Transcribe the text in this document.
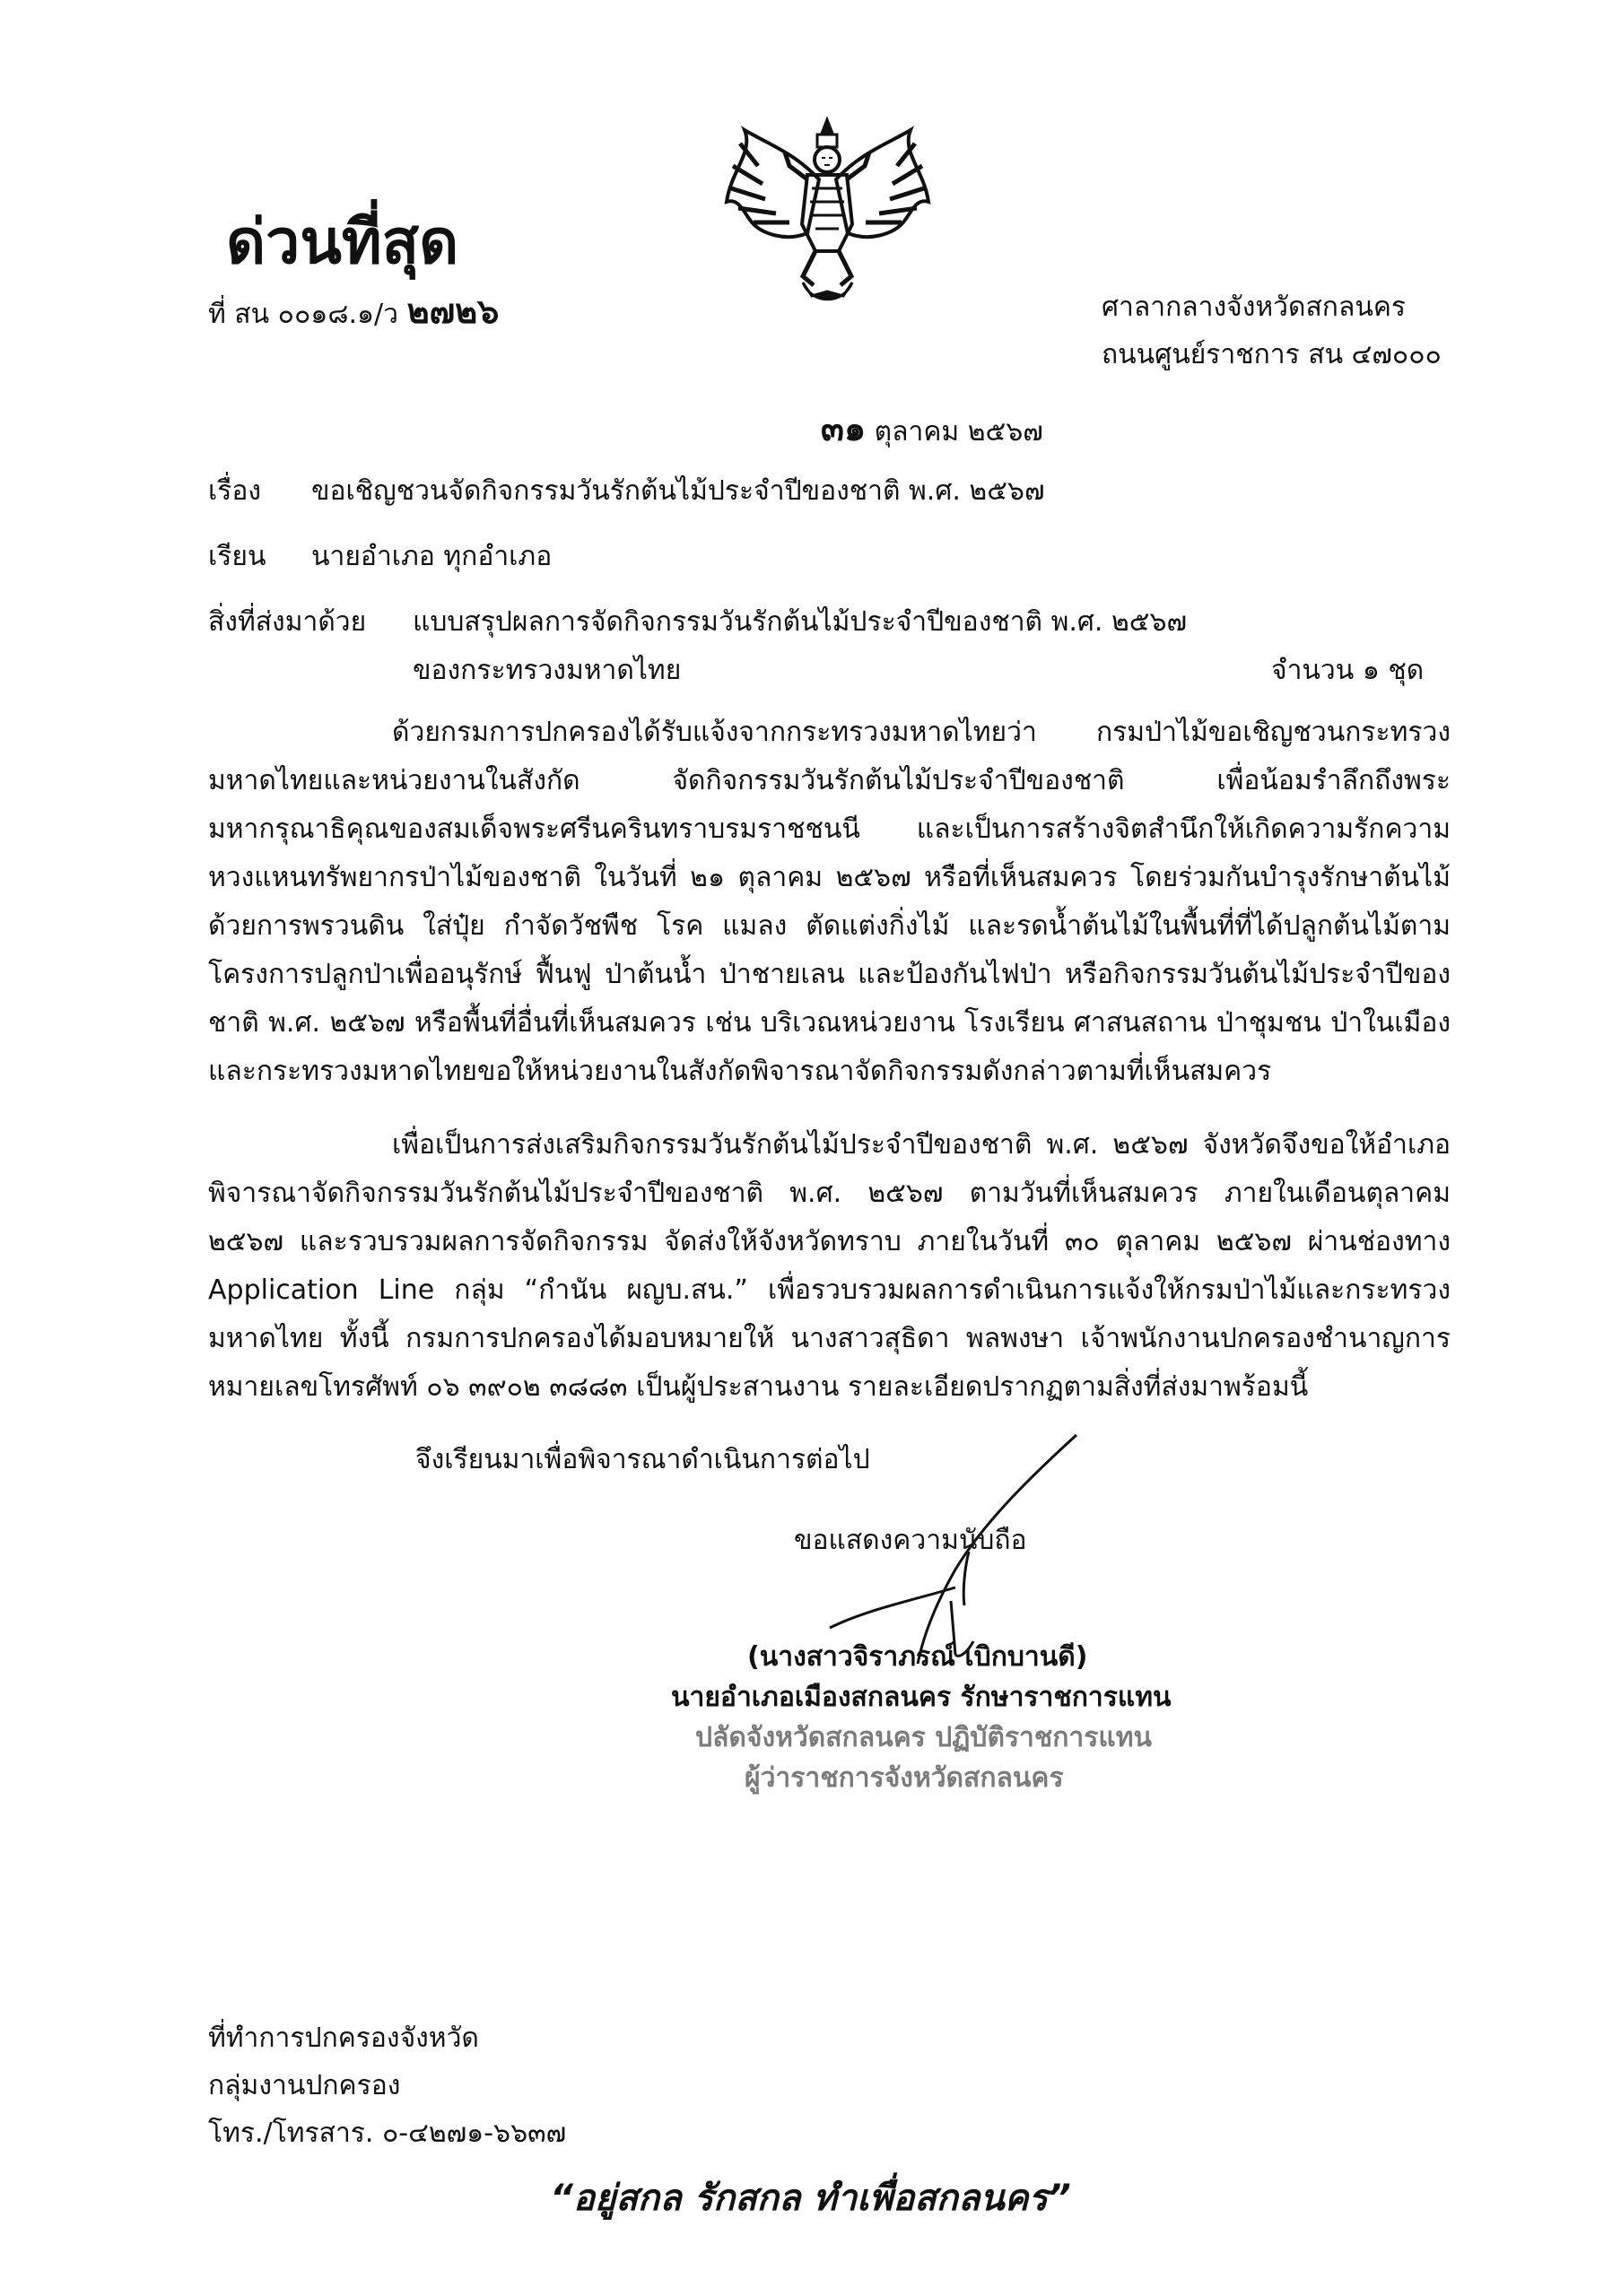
ด่วนที่สุด
ที่ สน ๐๐๑๘.๑/ว ๒๗๒๖	ศาลากลางจังหวัดสกลนคร
ถนนศูนย์ราชการ สน ๔๗๐๐๐
๓๑ ตุลาคม ๒๕๖๗
เรื่อง ขอเชิญชวนจัดกิจกรรมวันรักต้นไม้ประจำปีของชาติ พ.ศ. ๒๕๖๗
เรียน นายอำเภอ ทุกอำเภอ
สิ่งที่ส่งมาด้วย แบบสรุปผลการจัดกิจกรรมวันรักต้นไม้ประจำปีของชาติ พ.ศ. ๒๕๖๗
ของกระทรวงมหาดไทย	จำนวน ๑ ชุด
ด้วยกรมการปกครองได้รับแจ้งจากกระทรวงมหาดไทยว่า กรมป่าไม้ขอเชิญชวนกระทรวงมหาดไทยและหน่วยงานในสังกัด จัดกิจกรรมวันรักต้นไม้ประจำปีของชาติ เพื่อน้อมรำลึกถึงพระมหากรุณาธิคุณของสมเด็จพระศรีนครินทราบรมราชชนนี และเป็นการสร้างจิตสำนึกให้เกิดความรักความหวงแหนทรัพยากรป่าไม้ของชาติ ในวันที่ ๒๑ ตุลาคม ๒๕๖๗ หรือที่เห็นสมควร โดยร่วมกันบำรุงรักษาต้นไม้ด้วยการพรวนดิน ใส่ปุ๋ย กำจัดวัชพืช โรค แมลง ตัดแต่งกิ่งไม้ และรดน้ำต้นไม้ในพื้นที่ที่ได้ปลูกต้นไม้ตามโครงการปลูกป่าเพื่ออนุรักษ์ ฟื้นฟู ป่าต้นน้ำ ป่าชายเลน และป้องกันไฟป่า หรือกิจกรรมวันต้นไม้ประจำปีของชาติ พ.ศ. ๒๕๖๗ หรือพื้นที่อื่นที่เห็นสมควร เช่น บริเวณหน่วยงาน โรงเรียน ศาสนสถาน ป่าชุมชน ป่าในเมือง และกระทรวงมหาดไทยขอให้หน่วยงานในสังกัดพิจารณาจัดกิจกรรมดังกล่าวตามที่เห็นสมควร
เพื่อเป็นการส่งเสริมกิจกรรมวันรักต้นไม้ประจำปีของชาติ พ.ศ. ๒๕๖๗ จังหวัดจึงขอให้อำเภอพิจารณาจัดกิจกรรมวันรักต้นไม้ประจำปีของชาติ พ.ศ. ๒๕๖๗ ตามวันที่เห็นสมควร ภายในเดือนตุลาคม ๒๕๖๗ และรวบรวมผลการจัดกิจกรรม จัดส่งให้จังหวัดทราบ ภายในวันที่ ๓๐ ตุลาคม ๒๕๖๗ ผ่านช่องทาง Application Line กลุ่ม “กำนัน ผญบ.สน.” เพื่อรวบรวมผลการดำเนินการแจ้งให้กรมป่าไม้และกระทรวงมหาดไทย ทั้งนี้ กรมการปกครองได้มอบหมายให้ นางสาวสุธิดา พลพงษา เจ้าพนักงานปกครองชำนาญการ หมายเลขโทรศัพท์ ๐๖ ๓๙๐๒ ๓๘๘๓ เป็นผู้ประสานงาน รายละเอียดปรากฏตามสิ่งที่ส่งมาพร้อมนี้
จึงเรียนมาเพื่อพิจารณาดำเนินการต่อไป
ขอแสดงความนับถือ
(นางสาวจิราภรณ์ เบิกบานดี)
นายอำเภอเมืองสกลนคร รักษาราชการแทน
ปลัดจังหวัดสกลนคร ปฏิบัติราชการแทน
ผู้ว่าราชการจังหวัดสกลนคร
ที่ทำการปกครองจังหวัด
กลุ่มงานปกครอง
โทร./โทรสาร. ๐-๔๒๗๑-๖๖๓๗
“อยู่สกล รักสกล ทำเพื่อสกลนคร”
